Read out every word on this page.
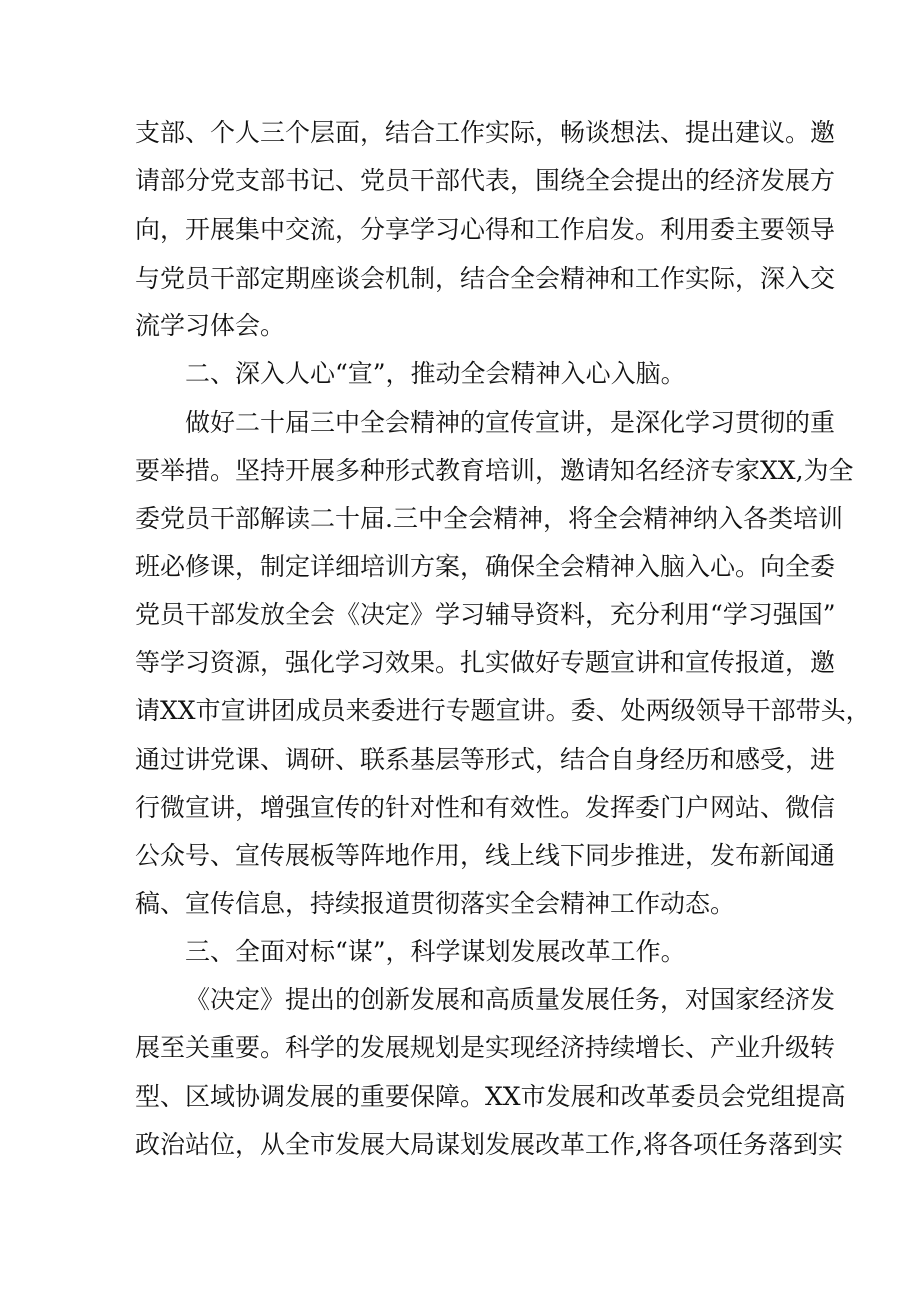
支部、个人三个层面，结合工作实际，畅谈想法、提出建议。邀
请部分党支部书记、党员干部代表，围绕全会提出的经济发展方
向，开展集中交流，分享学习心得和工作启发。利用委主要领导
与党员干部定期座谈会机制，结合全会精神和工作实际，深入交
流学习体会。
二、深入人心“宣”，推动全会精神入心入脑。
做好二十届三中全会精神的宣传宣讲，是深化学习贯彻的重
要举措。坚持开展多种形式教育培训，邀请知名经济专家XX,为全
委党员干部解读二十届.三中全会精神，将全会精神纳入各类培训
班必修课，制定详细培训方案，确保全会精神入脑入心。向全委
党员干部发放全会《决定》学习辅导资料，充分利用“学习强国”
等学习资源，强化学习效果。扎实做好专题宣讲和宣传报道，邀
请XX市宣讲团成员来委进行专题宣讲。委、处两级领导干部带头，
通过讲党课、调研、联系基层等形式，结合自身经历和感受，进
行微宣讲，增强宣传的针对性和有效性。发挥委门户网站、微信
公众号、宣传展板等阵地作用，线上线下同步推进，发布新闻通
稿、宣传信息，持续报道贯彻落实全会精神工作动态。
三、全面对标“谋”，科学谋划发展改革工作。
《决定》提出的创新发展和高质量发展任务，对国家经济发
展至关重要。科学的发展规划是实现经济持续增长、产业升级转
型、区域协调发展的重要保障。XX市发展和改革委员会党组提高
政治站位，从全市发展大局谋划发展改革工作,将各项任务落到实
